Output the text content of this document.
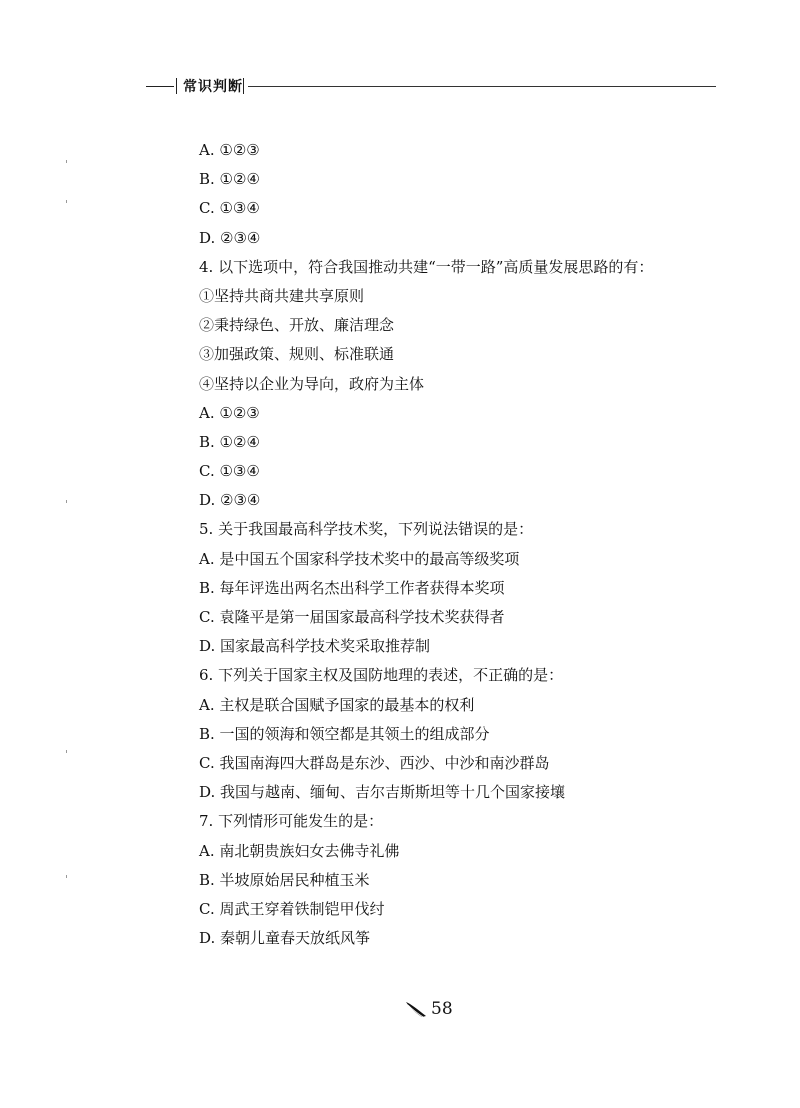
常识判断
A. ①②③
B. ①②④
C. ①③④
D. ②③④
4. 以下选项中，符合我国推动共建“一带一路”高质量发展思路的有：
①坚持共商共建共享原则
②秉持绿色、开放、廉洁理念
③加强政策、规则、标准联通
④坚持以企业为导向，政府为主体
A. ①②③
B. ①②④
C. ①③④
D. ②③④
5. 关于我国最高科学技术奖，下列说法错误的是：
A. 是中国五个国家科学技术奖中的最高等级奖项
B. 每年评选出两名杰出科学工作者获得本奖项
C. 袁隆平是第一届国家最高科学技术奖获得者
D. 国家最高科学技术奖采取推荐制
6. 下列关于国家主权及国防地理的表述，不正确的是：
A. 主权是联合国赋予国家的最基本的权利
B. 一国的领海和领空都是其领土的组成部分
C. 我国南海四大群岛是东沙、西沙、中沙和南沙群岛
D. 我国与越南、缅甸、吉尔吉斯斯坦等十几个国家接壤
7. 下列情形可能发生的是：
A. 南北朝贵族妇女去佛寺礼佛
B. 半坡原始居民种植玉米
C. 周武王穿着铁制铠甲伐纣
D. 秦朝儿童春天放纸风筝
58
